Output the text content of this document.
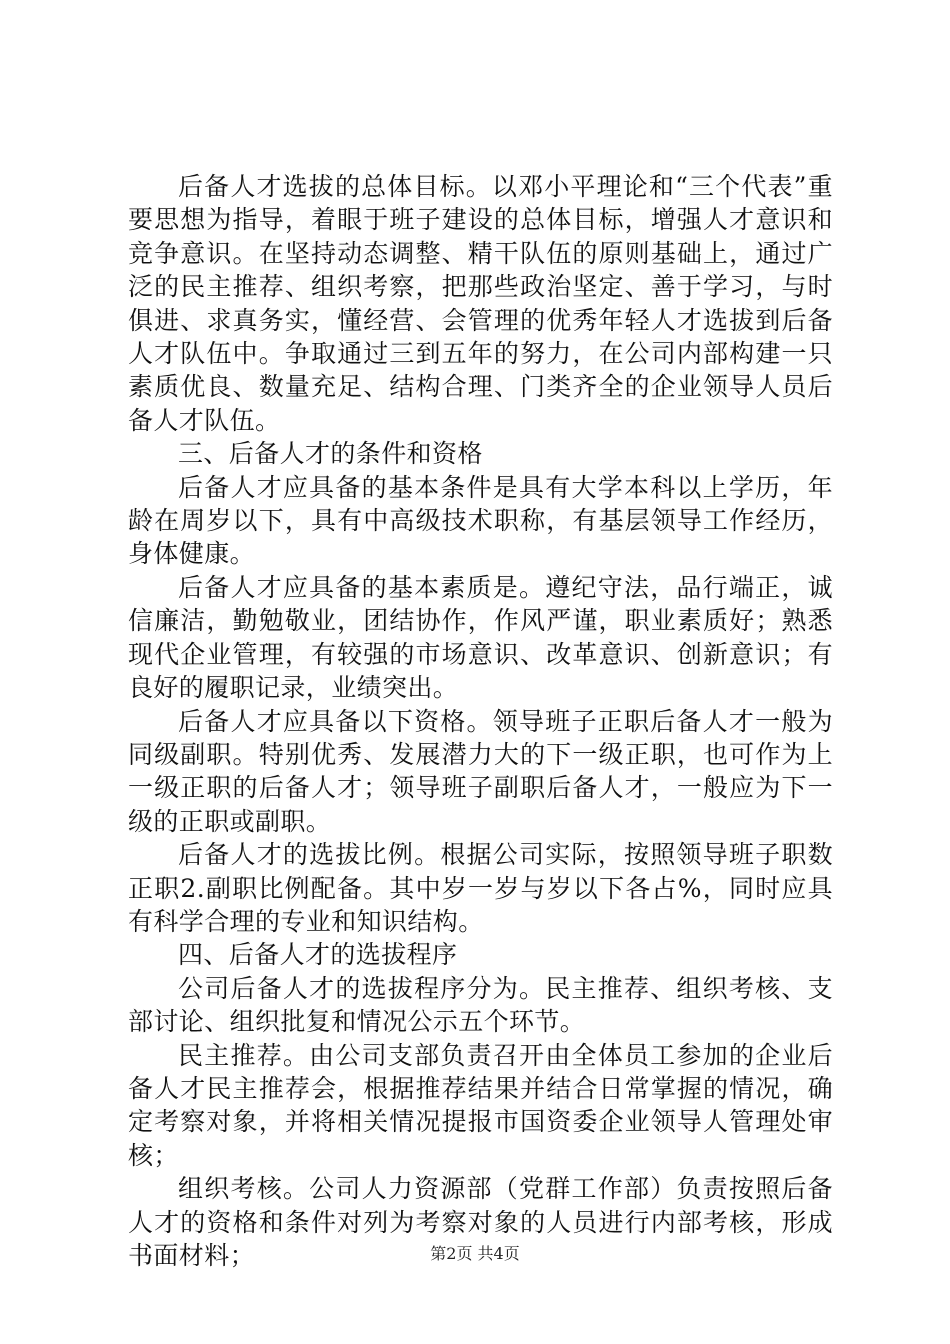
后备人才选拔的总体目标。以邓小平理论和“三个代表”重要思想为指导，着眼于班子建设的总体目标，增强人才意识和竞争意识。在坚持动态调整、精干队伍的原则基础上，通过广泛的民主推荐、组织考察，把那些政治坚定、善于学习，与时俱进、求真务实，懂经营、会管理的优秀年轻人才选拔到后备人才队伍中。争取通过三到五年的努力，在公司内部构建一只素质优良、数量充足、结构合理、门类齐全的企业领导人员后备人才队伍。

三、后备人才的条件和资格

后备人才应具备的基本条件是具有大学本科以上学历，年龄在周岁以下，具有中高级技术职称，有基层领导工作经历，身体健康。

后备人才应具备的基本素质是。遵纪守法，品行端正，诚信廉洁，勤勉敬业，团结协作，作风严谨，职业素质好；熟悉现代企业管理，有较强的市场意识、改革意识、创新意识；有良好的履职记录，业绩突出。

后备人才应具备以下资格。领导班子正职后备人才一般为同级副职。特别优秀、发展潜力大的下一级正职，也可作为上一级正职的后备人才；领导班子副职后备人才，一般应为下一级的正职或副职。

后备人才的选拔比例。根据公司实际，按照领导班子职数正职2.副职比例配备。其中岁一岁与岁以下各占%，同时应具有科学合理的专业和知识结构。

四、后备人才的选拔程序

公司后备人才的选拔程序分为。民主推荐、组织考核、支部讨论、组织批复和情况公示五个环节。

民主推荐。由公司支部负责召开由全体员工参加的企业后备人才民主推荐会，根据推荐结果并结合日常掌握的情况，确定考察对象，并将相关情况提报市国资委企业领导人管理处审核；

组织考核。公司人力资源部（党群工作部）负责按照后备人才的资格和条件对列为考察对象的人员进行内部考核，形成书面材料；	第2页 共4页
